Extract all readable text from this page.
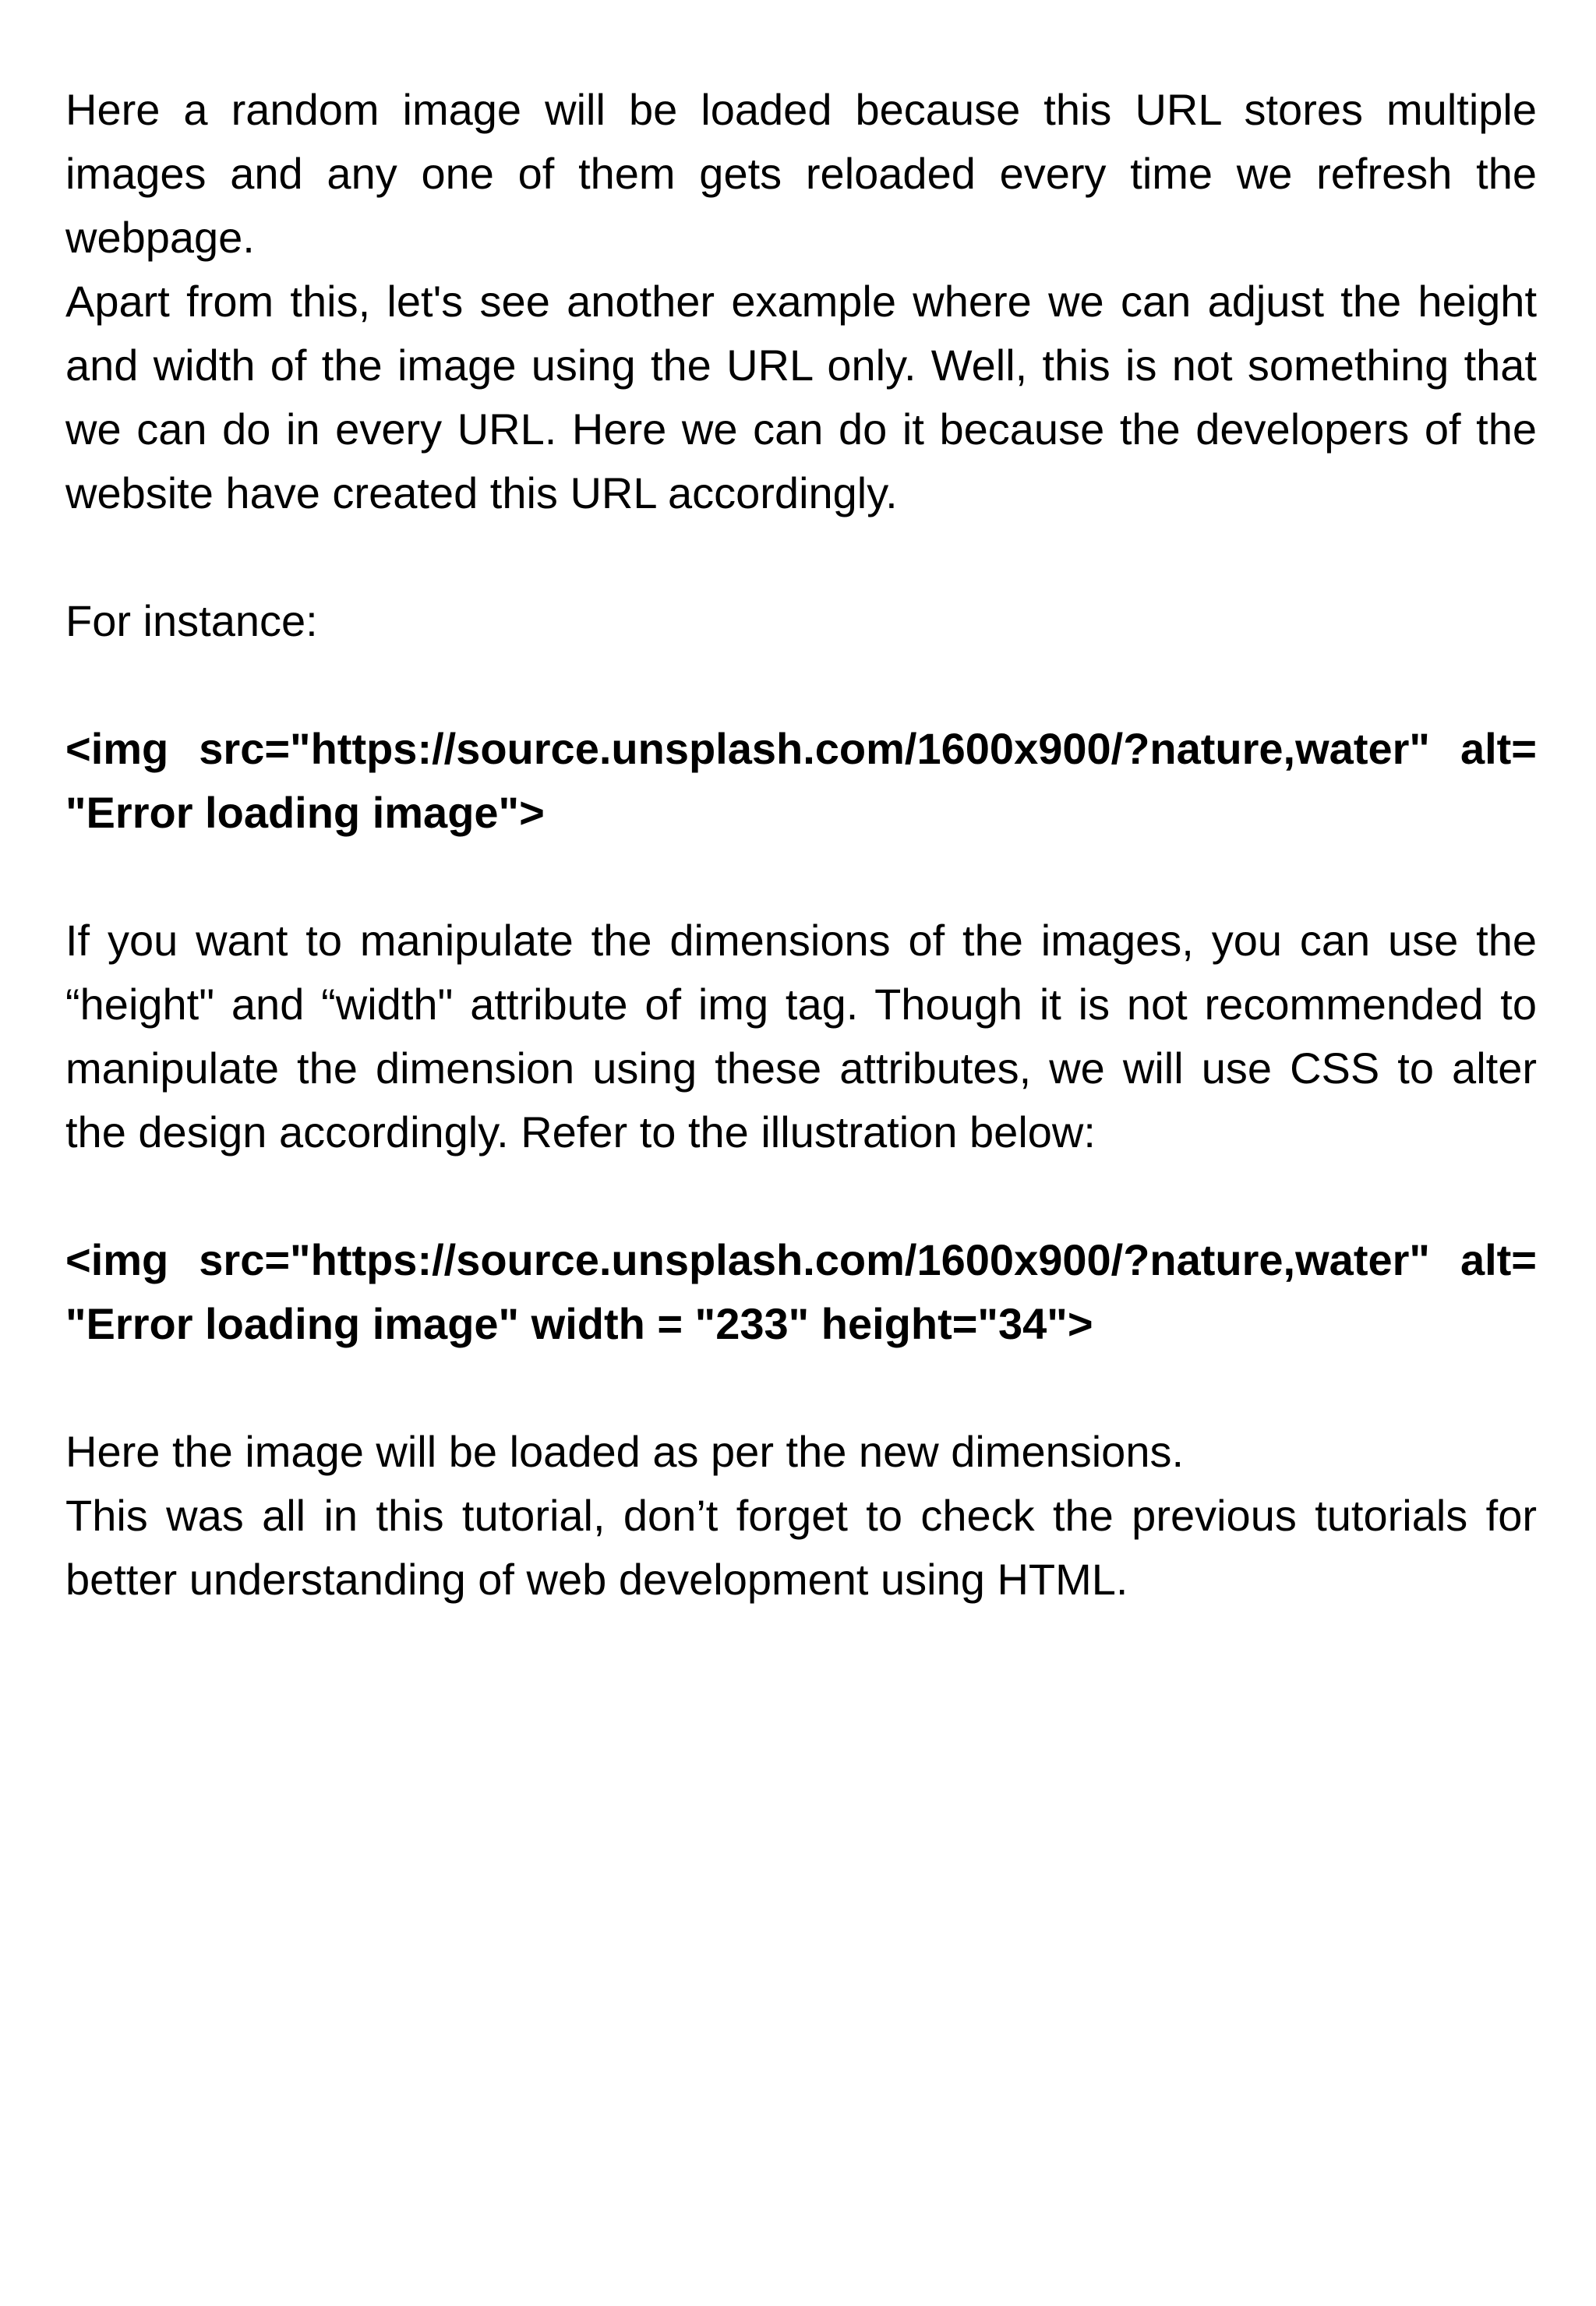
Here a random image will be loaded because this URL stores multiple images and any one of them gets reloaded every time we refresh the webpage.

Apart from this, let's see another example where we can adjust the height and width of the image using the URL only. Well, this is not something that we can do in every URL. Here we can do it because the developers of the website have created this URL accordingly.

For instance:

<img src="https://source.unsplash.com/1600x900/?nature,water" alt= "Error loading image">

If you want to manipulate the dimensions of the images, you can use the “height" and “width" attribute of img tag. Though it is not recommended to manipulate the dimension using these attributes, we will use CSS to alter the design accordingly. Refer to the illustration below:

<img src="https://source.unsplash.com/1600x900/?nature,water" alt= "Error loading image" width = "233" height="34">

Here the image will be loaded as per the new dimensions.

This was all in this tutorial, don’t forget to check the previous tutorials for better understanding of web development using HTML.
